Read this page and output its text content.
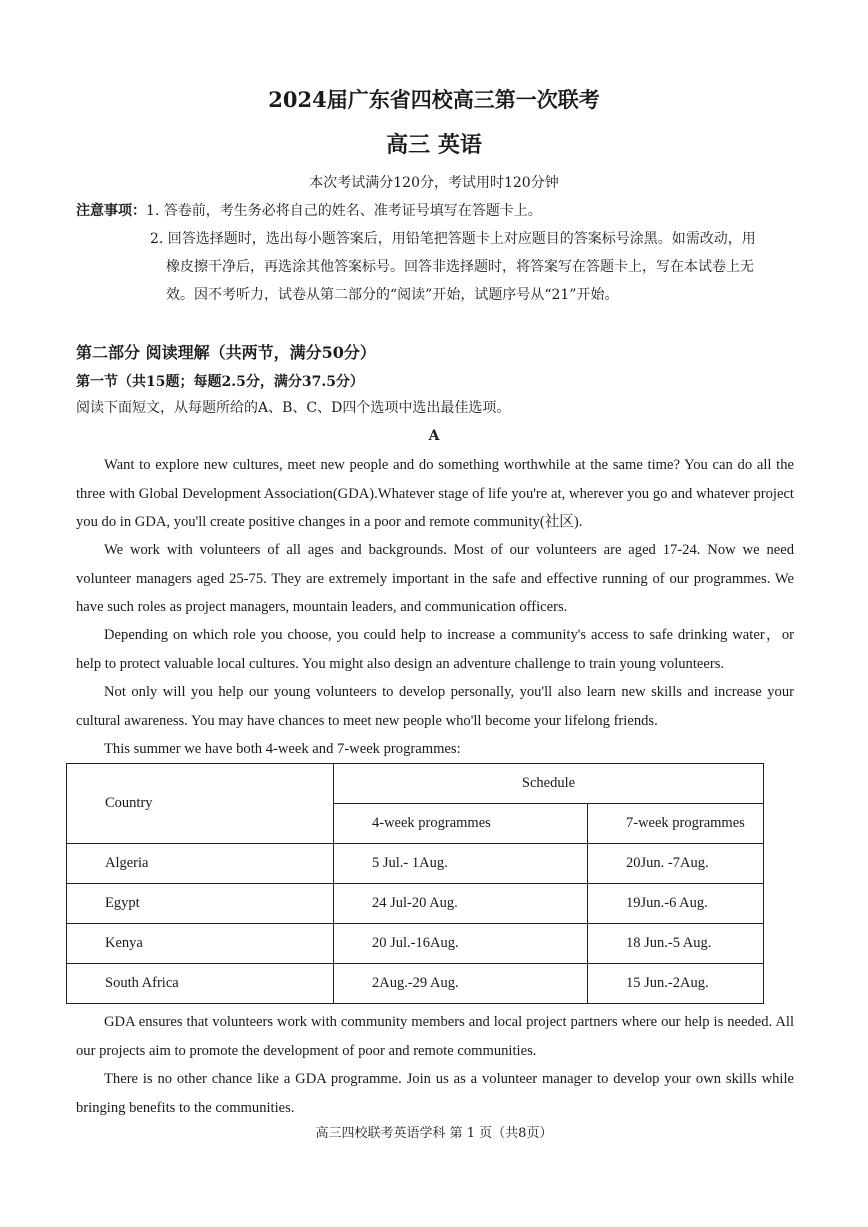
2024届广东省四校高三第一次联考
高三 英语
本次考试满分120分，考试用时120分钟
注意事项：1. 答卷前，考生务必将自己的姓名、准考证号填写在答题卡上。
2. 回答选择题时，选出每小题答案后，用铅笔把答题卡上对应题目的答案标号涂黑。如需改动，用
橡皮擦干净后，再选涂其他答案标号。回答非选择题时，将答案写在答题卡上，写在本试卷上无
效。因不考听力，试卷从第二部分的“阅读”开始，试题序号从“21”开始。
第二部分 阅读理解（共两节，满分50分）
第一节（共15题；每题2.5分，满分37.5分）
阅读下面短文，从每题所给的A、B、C、D四个选项中选出最佳选项。
A

Want to explore new cultures, meet new people and do something worthwhile at the same time? You can do all the three with Global Development Association(GDA).Whatever stage of life you're at, wherever you go and whatever project you do in GDA, you'll create positive changes in a poor and remote community(社区).

We work with volunteers of all ages and backgrounds. Most of our volunteers are aged 17-24. Now we need volunteer managers aged 25-75. They are extremely important in the safe and effective running of our programmes. We have such roles as project managers, mountain leaders, and communication officers.

Depending on which role you choose, you could help to increase a community's access to safe drinking water，or help to protect valuable local cultures. You might also design an adventure challenge to train young volunteers.

Not only will you help our young volunteers to develop personally, you'll also learn new skills and increase your cultural awareness. You may have chances to meet new people who'll become your lifelong friends.

This summer we have both 4-week and 7-week programmes:

Country	Schedule	
	4-week programmes	7-week programmes
Algeria	5 Jul.- 1Aug.	20Jun. -7Aug.
Egypt	24 Jul-20 Aug.	19Jun.-6 Aug.
Kenya	20 Jul.-16Aug.	18 Jun.-5 Aug.
South Africa	2Aug.-29 Aug.	15 Jun.-2Aug.

GDA ensures that volunteers work with community members and local project partners where our help is needed. All our projects aim to promote the development of poor and remote communities.

There is no other chance like a GDA programme. Join us as a volunteer manager to develop your own skills while bringing benefits to the communities.

高三四校联考英语学科 第 1 页（共8页）
